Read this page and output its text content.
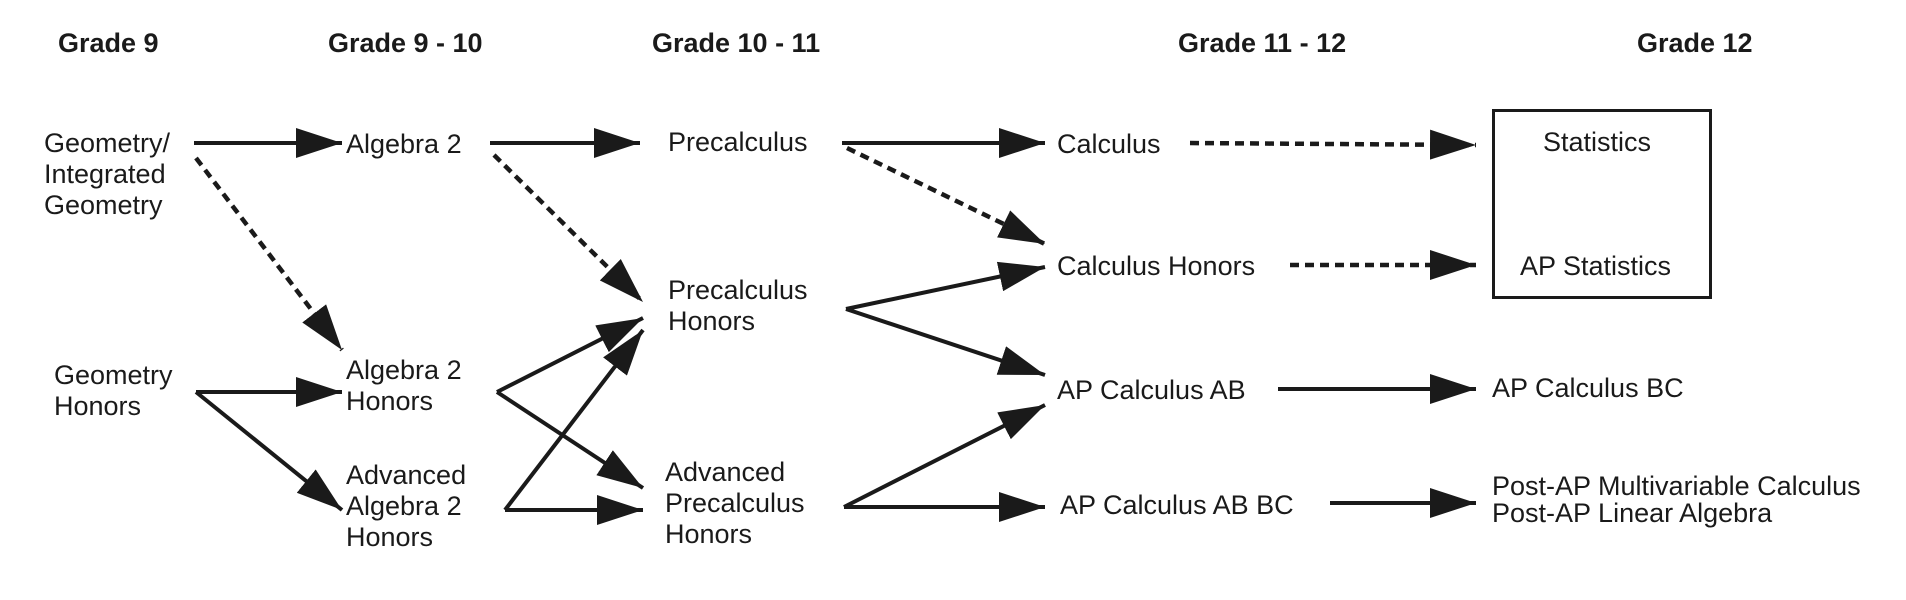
Grade 9	Grade 9 - 10	Grade 10 - 11	Grade 11 - 12	Grade 12
Geometry/
Integrated
Geometry
Geometry
Honors
Algebra 2
Algebra 2
Honors
Advanced
Algebra 2
Honors
Precalculus
Precalculus
Honors
Advanced
Precalculus
Honors
Calculus
Calculus Honors
AP Calculus AB
AP Calculus AB BC
Statistics
AP Statistics
AP Calculus BC
Post-AP Multivariable Calculus
Post-AP Linear Algebra
